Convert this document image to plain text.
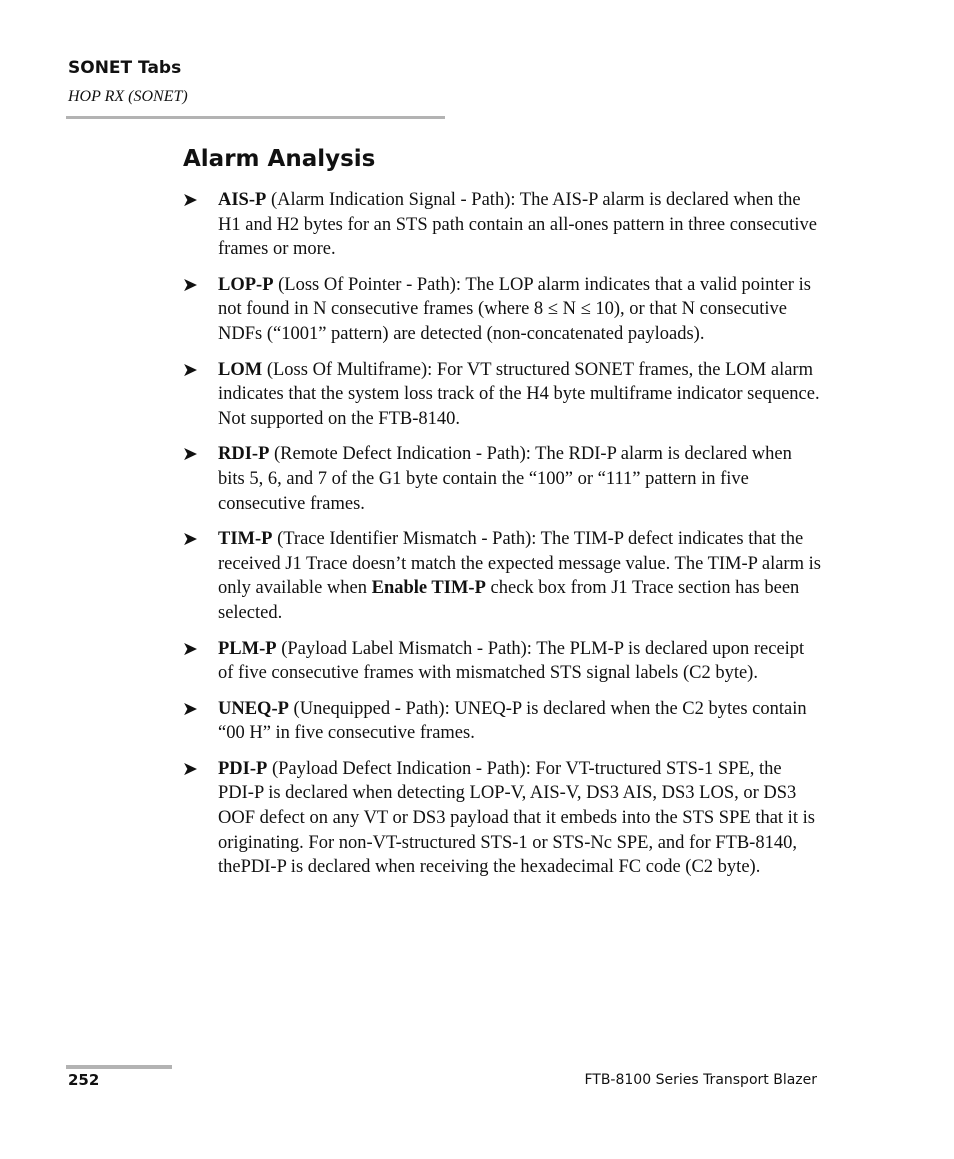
SONET Tabs
HOP RX (SONET)
Alarm Analysis
➤ AIS-P (Alarm Indication Signal - Path): The AIS-P alarm is declared when the H1 and H2 bytes for an STS path contain an all-ones pattern in three consecutive frames or more.
➤ LOP-P (Loss Of Pointer - Path): The LOP alarm indicates that a valid pointer is not found in N consecutive frames (where 8 ≤ N ≤ 10), or that N consecutive NDFs (“1001” pattern) are detected (non-concatenated payloads).
➤ LOM (Loss Of Multiframe): For VT structured SONET frames, the LOM alarm indicates that the system loss track of the H4 byte multiframe indicator sequence. Not supported on the FTB-8140.
➤ RDI-P (Remote Defect Indication - Path): The RDI-P alarm is declared when bits 5, 6, and 7 of the G1 byte contain the “100” or “111” pattern in five consecutive frames.
➤ TIM-P (Trace Identifier Mismatch - Path): The TIM-P defect indicates that the received J1 Trace doesn’t match the expected message value. The TIM-P alarm is only available when Enable TIM-P check box from J1 Trace section has been selected.
➤ PLM-P (Payload Label Mismatch - Path): The PLM-P is declared upon receipt of five consecutive frames with mismatched STS signal labels (C2 byte).
➤ UNEQ-P (Unequipped - Path): UNEQ-P is declared when the C2 bytes contain “00 H” in five consecutive frames.
➤ PDI-P (Payload Defect Indication - Path): For VT-tructured STS-1 SPE, the PDI-P is declared when detecting LOP-V, AIS-V, DS3 AIS, DS3 LOS, or DS3 OOF defect on any VT or DS3 payload that it embeds into the STS SPE that it is originating. For non-VT-structured STS-1 or STS-Nc SPE, and for FTB-8140, thePDI-P is declared when receiving the hexadecimal FC code (C2 byte).
252	FTB-8100 Series Transport Blazer
